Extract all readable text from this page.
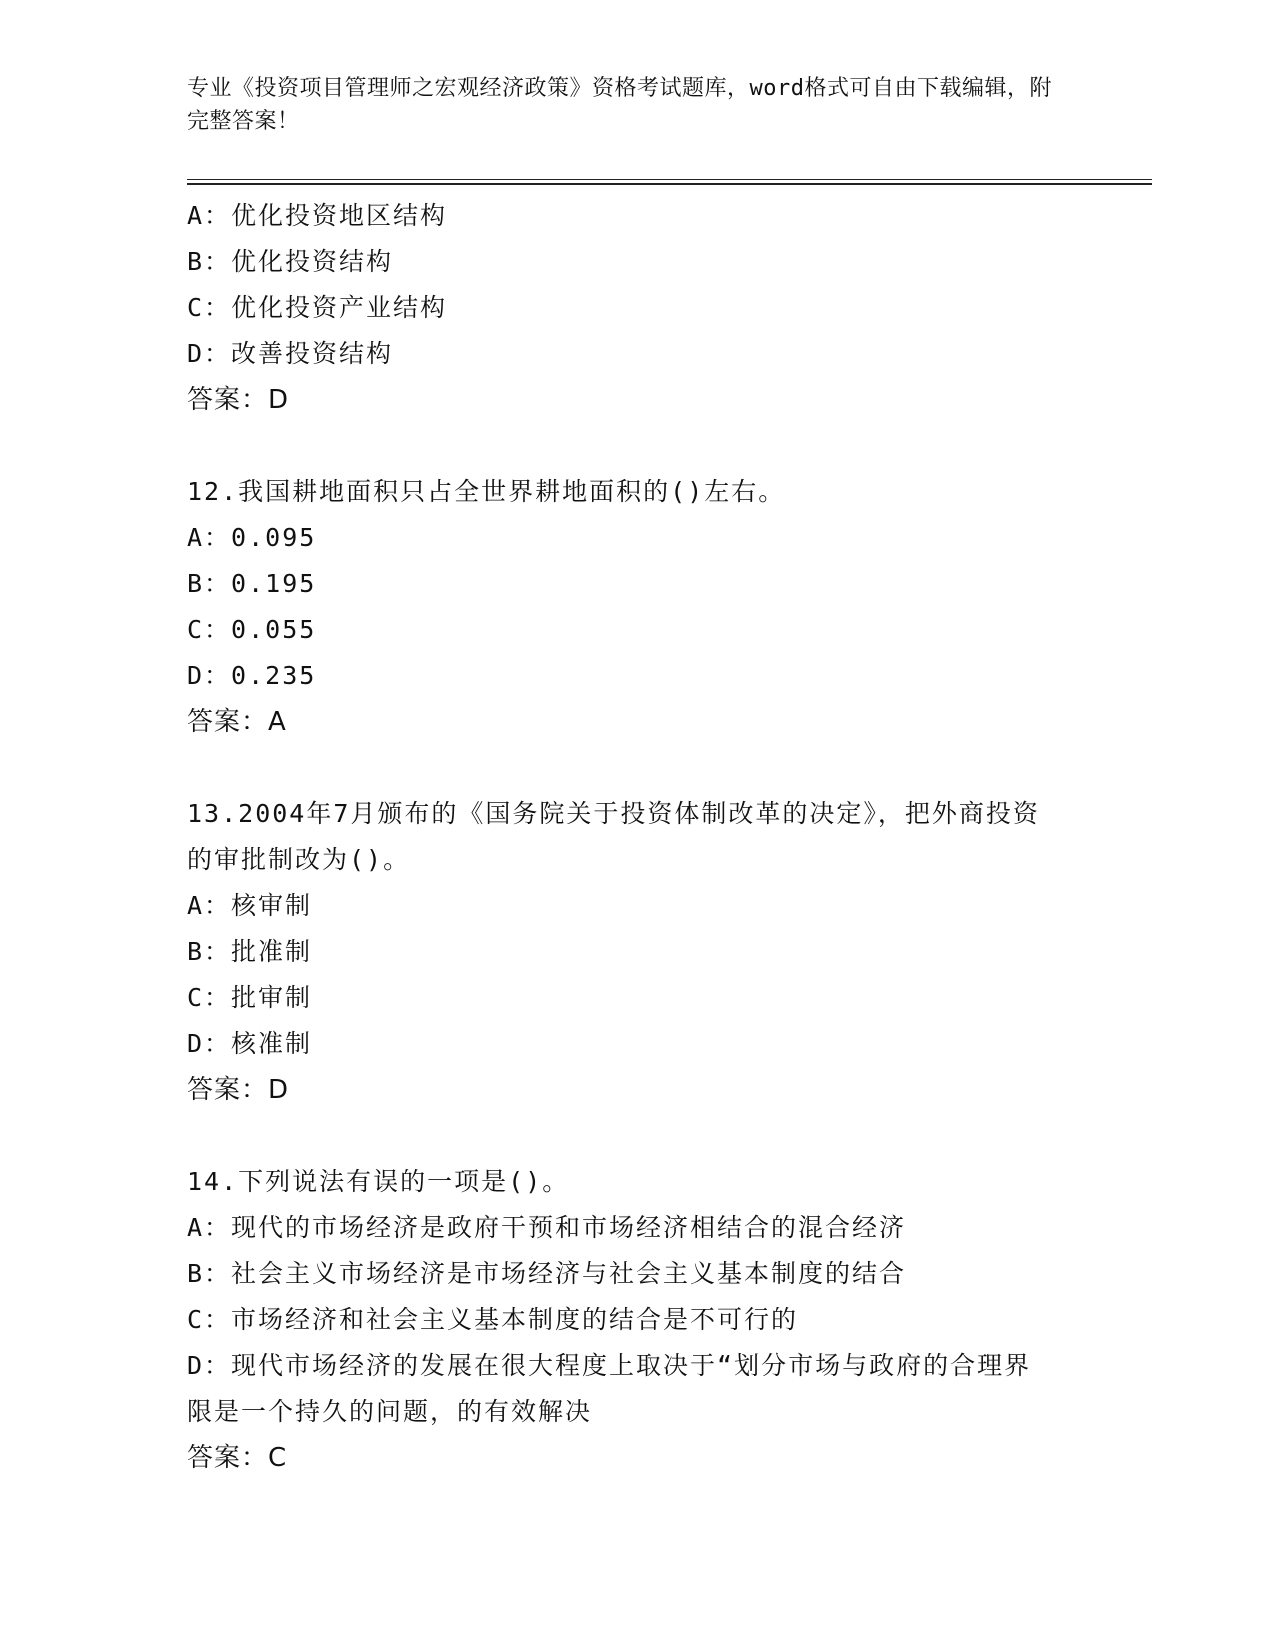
专业《投资项目管理师之宏观经济政策》资格考试题库，word格式可自由下载编辑，附完整答案！
A：优化投资地区结构
B：优化投资结构
C：优化投资产业结构
D：改善投资结构
答案：D
12.我国耕地面积只占全世界耕地面积的()左右。
A：0.095
B：0.195
C：0.055
D：0.235
答案：A
13.2004年7月颁布的《国务院关于投资体制改革的决定》，把外商投资的审批制改为()。
A：核审制
B：批准制
C：批审制
D：核准制
答案：D
14.下列说法有误的一项是()。
A：现代的市场经济是政府干预和市场经济相结合的混合经济
B：社会主义市场经济是市场经济与社会主义基本制度的结合
C：市场经济和社会主义基本制度的结合是不可行的
D：现代市场经济的发展在很大程度上取决于“划分市场与政府的合理界限是一个持久的问题，的有效解决
答案：C
